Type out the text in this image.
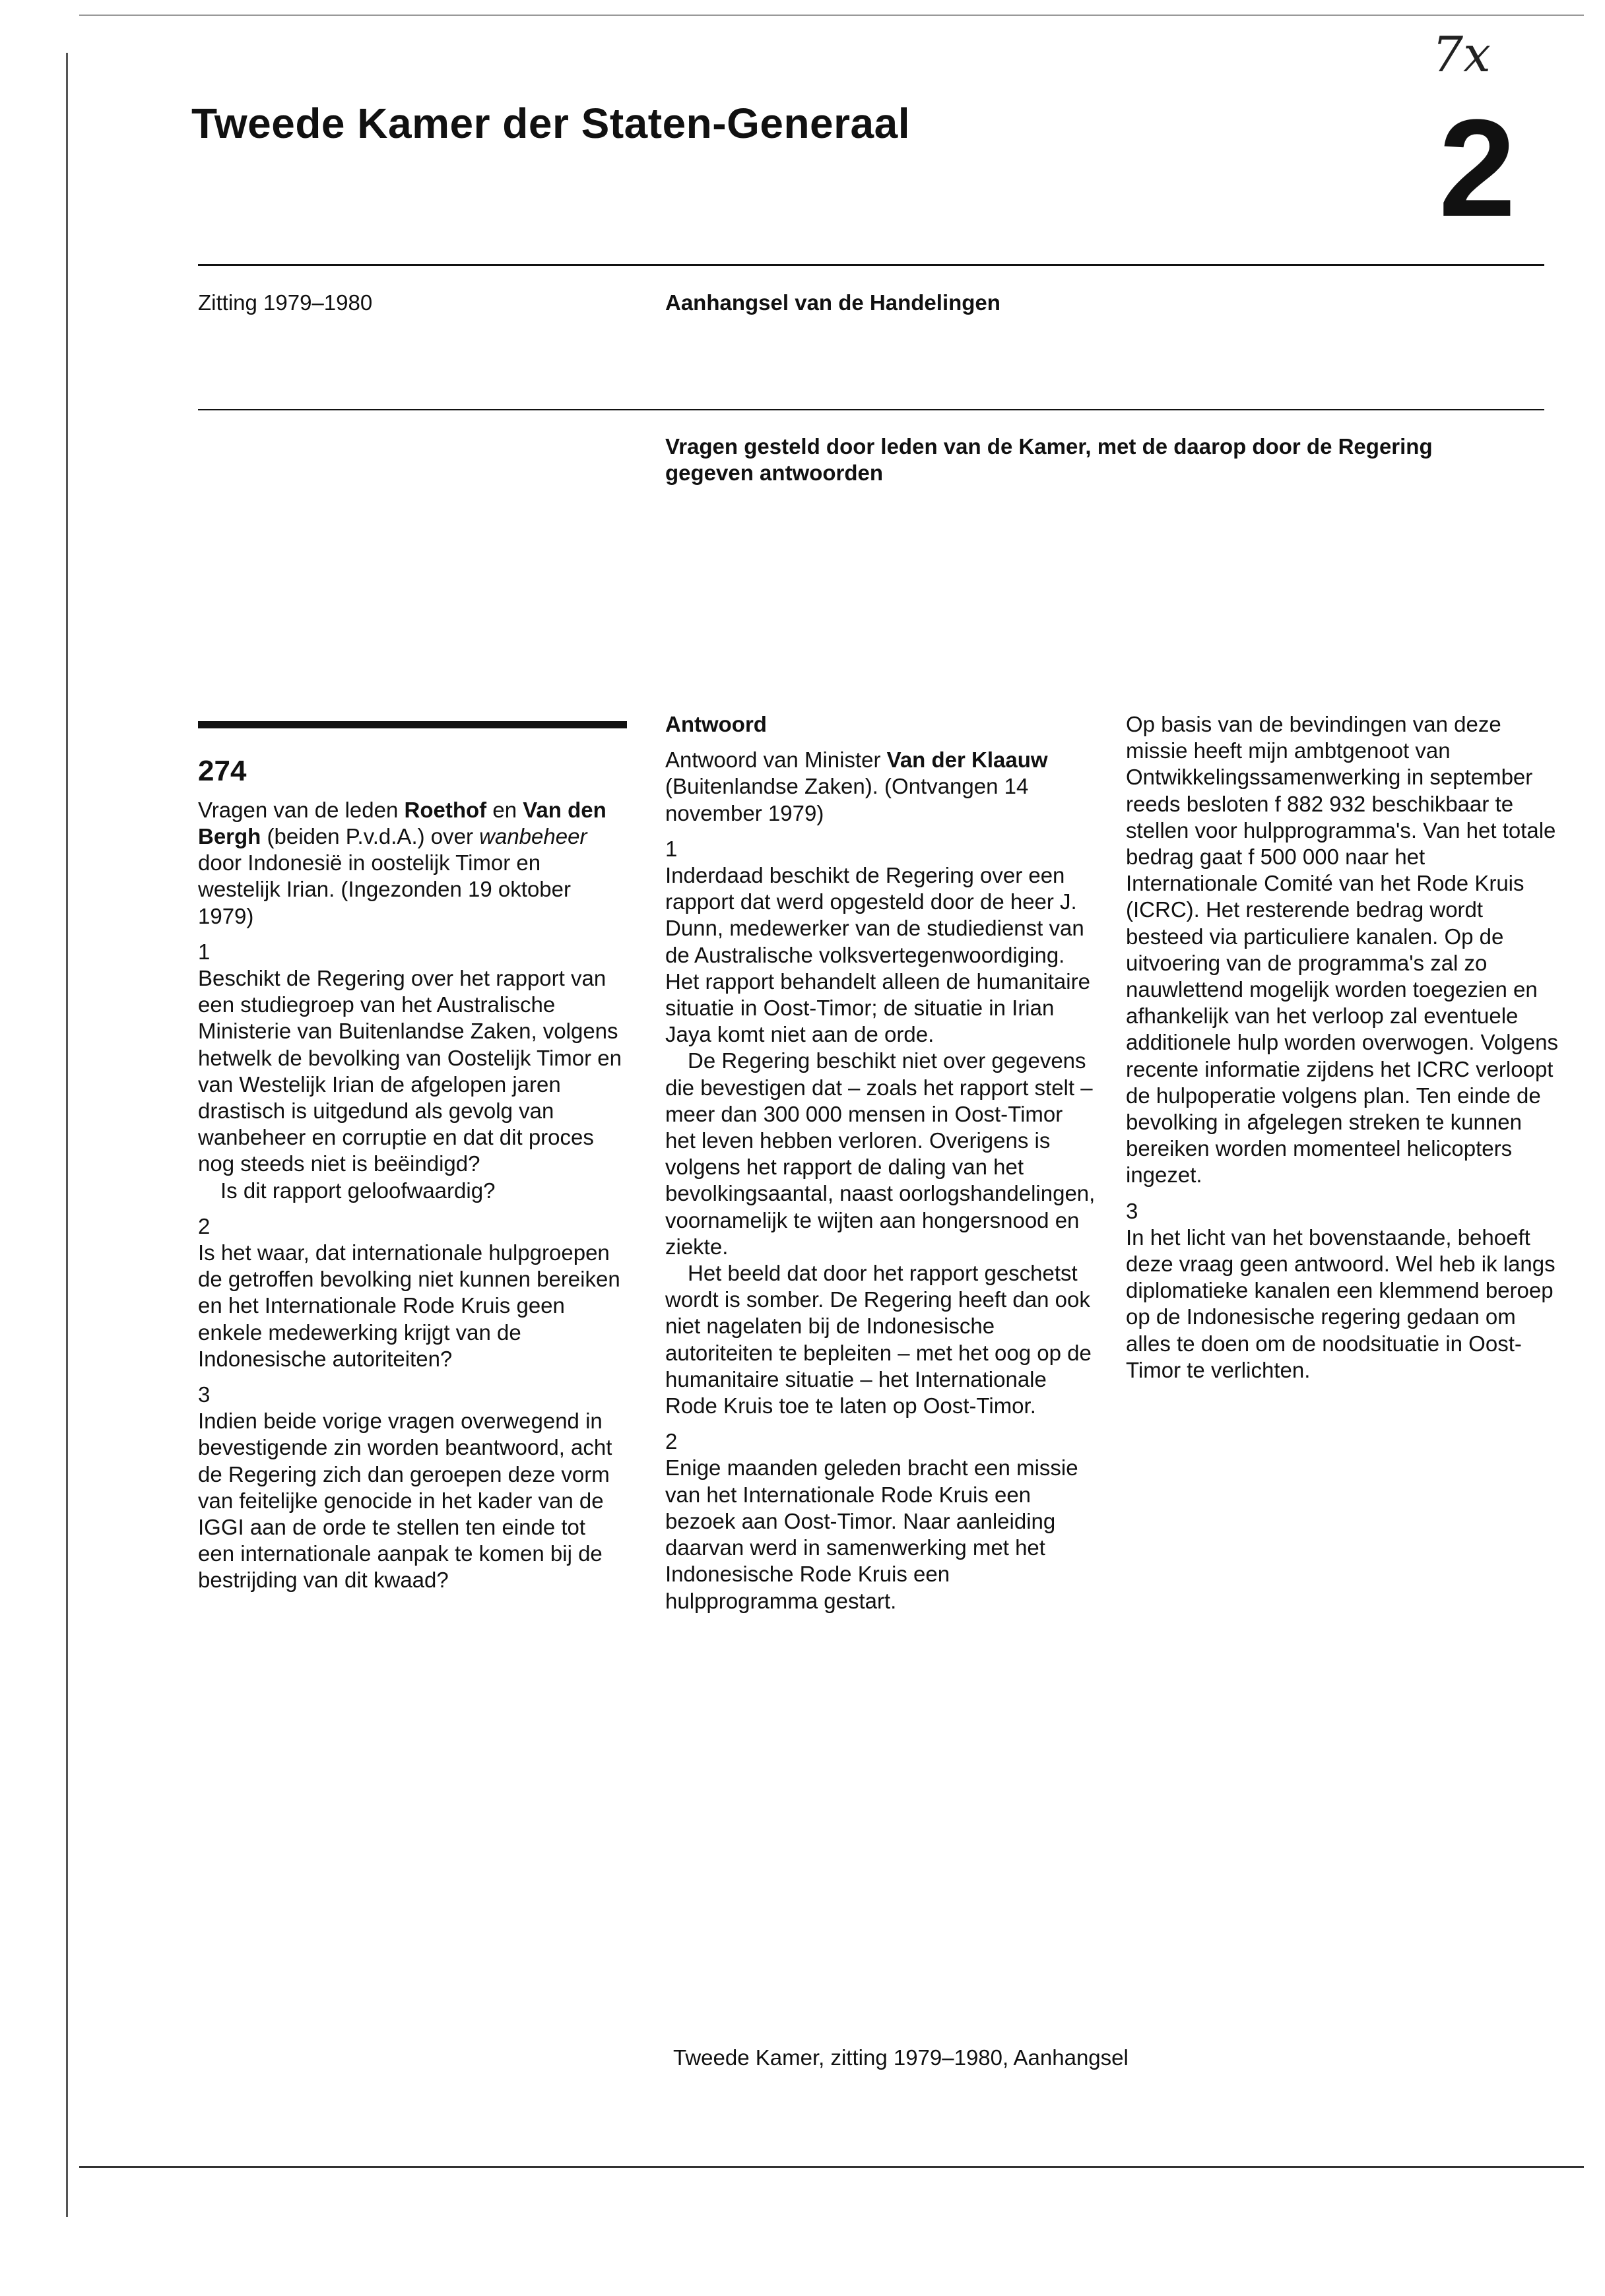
7x
Tweede Kamer der Staten-Generaal	2
Zitting 1979–1980	Aanhangsel van de Handelingen
Vragen gesteld door leden van de Kamer, met de daarop door de Regering
gegeven antwoorden
274

Vragen van de leden Roethof en Van den Bergh (beiden P.v.d.A.) over wanbeheer door Indonesië in oostelijk Timor en westelijk Irian. (Ingezonden 19 oktober 1979)

1

Beschikt de Regering over het rapport van een studiegroep van het Australische Ministerie van Buitenlandse Zaken, volgens hetwelk de bevolking van Oostelijk Timor en van Westelijk Irian de afgelopen jaren drastisch is uitgedund als gevolg van wanbeheer en corruptie en dat dit proces nog steeds niet is beëindigd?

Is dit rapport geloofwaardig?

2

Is het waar, dat internationale hulpgroepen de getroffen bevolking niet kunnen bereiken en het Internationale Rode Kruis geen enkele medewerking krijgt van de Indonesische autoriteiten?

3

Indien beide vorige vragen overwegend in bevestigende zin worden beantwoord, acht de Regering zich dan geroepen deze vorm van feitelijke genocide in het kader van de IGGI aan de orde te stellen ten einde tot een internationale aanpak te komen bij de bestrijding van dit kwaad?

Antwoord

Antwoord van Minister Van der Klaauw (Buitenlandse Zaken). (Ontvangen 14 november 1979)

1

Inderdaad beschikt de Regering over een rapport dat werd opgesteld door de heer J. Dunn, medewerker van de studiedienst van de Australische volksvertegenwoordiging. Het rapport behandelt alleen de humanitaire situatie in Oost-Timor; de situatie in Irian Jaya komt niet aan de orde.

De Regering beschikt niet over gegevens die bevestigen dat – zoals het rapport stelt – meer dan 300 000 mensen in Oost-Timor het leven hebben verloren. Overigens is volgens het rapport de daling van het bevolkingsaantal, naast oorlogshandelingen, voornamelijk te wijten aan hongersnood en ziekte.

Het beeld dat door het rapport geschetst wordt is somber. De Regering heeft dan ook niet nagelaten bij de Indonesische autoriteiten te bepleiten – met het oog op de humanitaire situatie – het Internationale Rode Kruis toe te laten op Oost-Timor.

2

Enige maanden geleden bracht een missie van het Internationale Rode Kruis een bezoek aan Oost-Timor. Naar aanleiding daarvan werd in samenwerking met het Indonesische Rode Kruis een hulpprogramma gestart.

Op basis van de bevindingen van deze missie heeft mijn ambtgenoot van Ontwikkelingssamenwerking in september reeds besloten f 882 932 beschikbaar te stellen voor hulpprogramma's. Van het totale bedrag gaat f 500 000 naar het Internationale Comité van het Rode Kruis (ICRC). Het resterende bedrag wordt besteed via particuliere kanalen. Op de uitvoering van de programma's zal zo nauwlettend mogelijk worden toegezien en afhankelijk van het verloop zal eventuele additionele hulp worden overwogen. Volgens recente informatie zijdens het ICRC verloopt de hulpoperatie volgens plan. Ten einde de bevolking in afgelegen streken te kunnen bereiken worden momenteel helicopters ingezet.

3

In het licht van het bovenstaande, behoeft deze vraag geen antwoord. Wel heb ik langs diplomatieke kanalen een klemmend beroep op de Indonesische regering gedaan om alles te doen om de noodsituatie in Oost-Timor te verlichten.

Tweede Kamer, zitting 1979–1980, Aanhangsel
